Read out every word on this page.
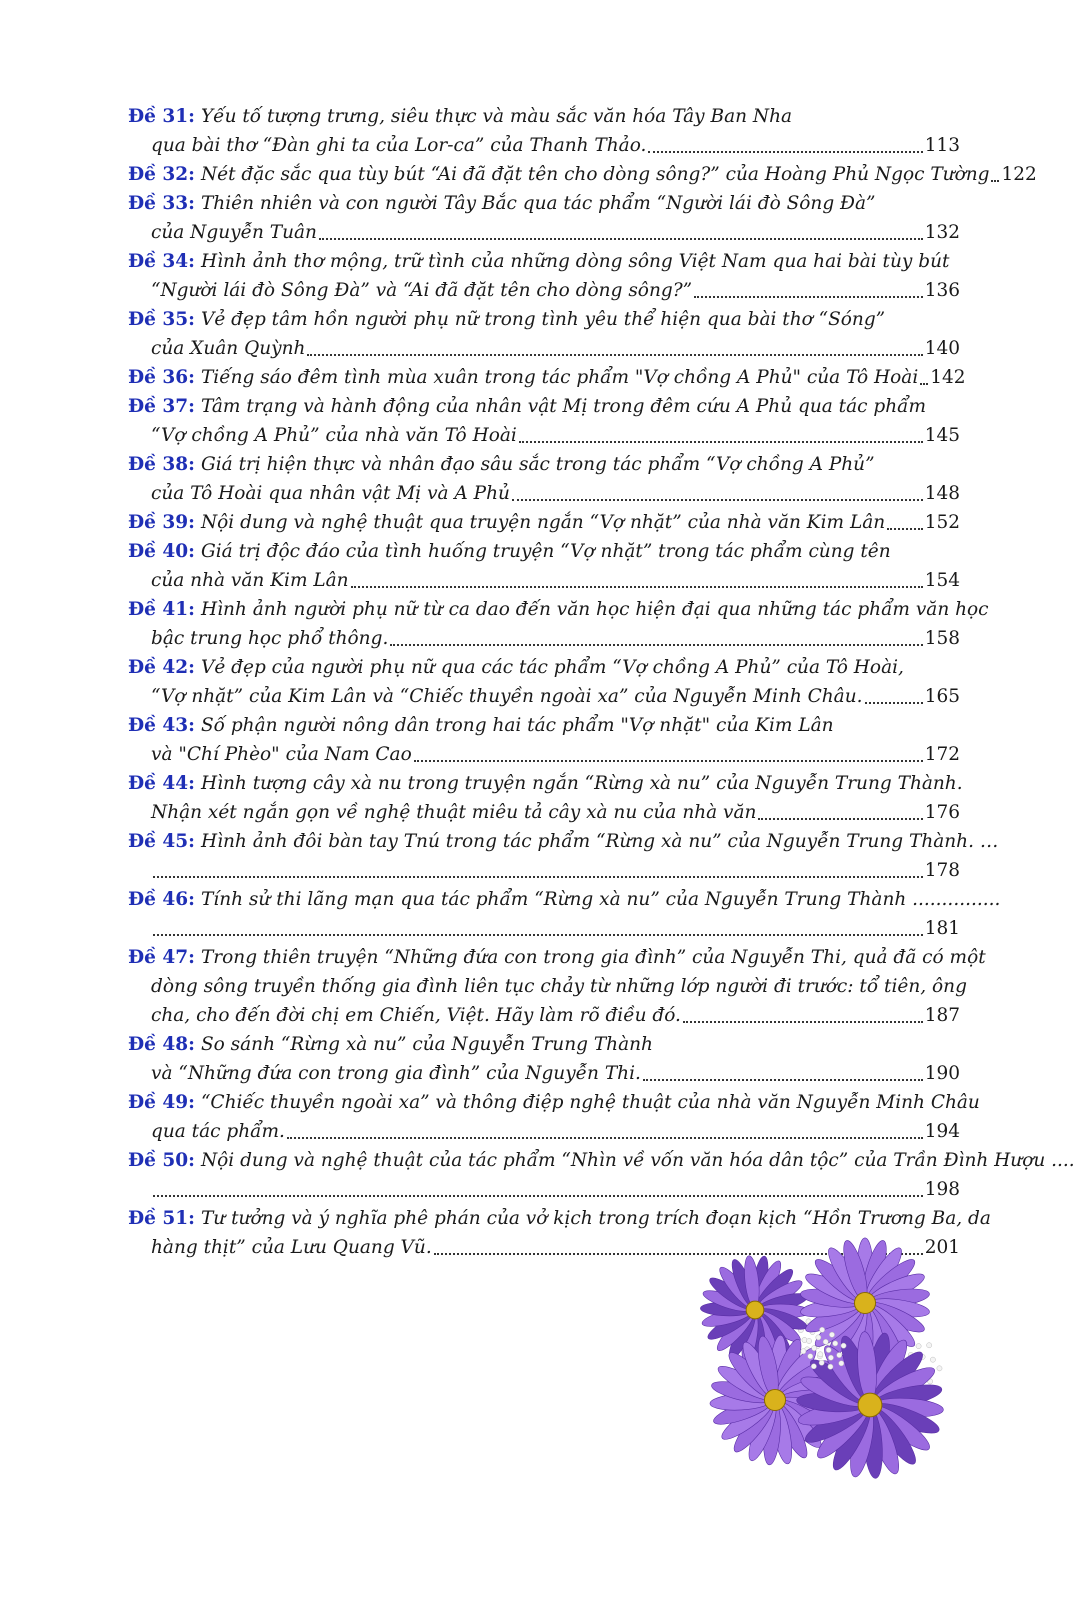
Đề 31: Yếu tố tượng trưng, siêu thực và màu sắc văn hóa Tây Ban Nha
qua bài thơ “Đàn ghi ta của Lor-ca” của Thanh Thảo.	113
Đề 32: Nét đặc sắc qua tùy bút “Ai đã đặt tên cho dòng sông?” của Hoàng Phủ Ngọc Tường 122
Đề 33: Thiên nhiên và con người Tây Bắc qua tác phẩm “Người lái đò Sông Đà”
của Nguyễn Tuân	132
Đề 34: Hình ảnh thơ mộng, trữ tình của những dòng sông Việt Nam qua hai bài tùy bút
“Người lái đò Sông Đà” và “Ai đã đặt tên cho dòng sông?”	136
Đề 35: Vẻ đẹp tâm hồn người phụ nữ trong tình yêu thể hiện qua bài thơ “Sóng”
của Xuân Quỳnh	140
Đề 36: Tiếng sáo đêm tình mùa xuân trong tác phẩm "Vợ chồng A Phủ" của Tô Hoài 142
Đề 37: Tâm trạng và hành động của nhân vật Mị trong đêm cứu A Phủ qua tác phẩm
“Vợ chồng A Phủ” của nhà văn Tô Hoài	145
Đề 38: Giá trị hiện thực và nhân đạo sâu sắc trong tác phẩm “Vợ chồng A Phủ”
của Tô Hoài qua nhân vật Mị và A Phủ	148
Đề 39: Nội dung và nghệ thuật qua truyện ngắn “Vợ nhặt” của nhà văn Kim Lân 152
Đề 40: Giá trị độc đáo của tình huống truyện “Vợ nhặt” trong tác phẩm cùng tên
của nhà văn Kim Lân	154
Đề 41: Hình ảnh người phụ nữ từ ca dao đến văn học hiện đại qua những tác phẩm văn học
bậc trung học phổ thông.	158
Đề 42: Vẻ đẹp của người phụ nữ qua các tác phẩm “Vợ chồng A Phủ” của Tô Hoài,
“Vợ nhặt” của Kim Lân và “Chiếc thuyền ngoài xa” của Nguyễn Minh Châu.	165
Đề 43: Số phận người nông dân trong hai tác phẩm "Vợ nhặt" của Kim Lân
và "Chí Phèo" của Nam Cao	172
Đề 44: Hình tượng cây xà nu trong truyện ngắn “Rừng xà nu” của Nguyễn Trung Thành.
Nhận xét ngắn gọn về nghệ thuật miêu tả cây xà nu của nhà văn	176
Đề 45: Hình ảnh đôi bàn tay Tnú trong tác phẩm “Rừng xà nu” của Nguyễn Trung Thành. …
178
Đề 46: Tính sử thi lãng mạn qua tác phẩm “Rừng xà nu” của Nguyễn Trung Thành ...............
181
Đề 47: Trong thiên truyện “Những đứa con trong gia đình” của Nguyễn Thi, quả đã có một
dòng sông truyền thống gia đình liên tục chảy từ những lớp người đi trước: tổ tiên, ông
cha, cho đến đời chị em Chiến, Việt. Hãy làm rõ điều đó.	187
Đề 48: So sánh “Rừng xà nu” của Nguyễn Trung Thành
và “Những đứa con trong gia đình” của Nguyễn Thi.	190
Đề 49: “Chiếc thuyền ngoài xa” và thông điệp nghệ thuật của nhà văn Nguyễn Minh Châu
qua tác phẩm.	194
Đề 50: Nội dung và nghệ thuật của tác phẩm “Nhìn về vốn văn hóa dân tộc” của Trần Đình Hượu ....
198
Đề 51: Tư tưởng và ý nghĩa phê phán của vở kịch trong trích đoạn kịch “Hồn Trương Ba, da
hàng thịt” của Lưu Quang Vũ.	201
